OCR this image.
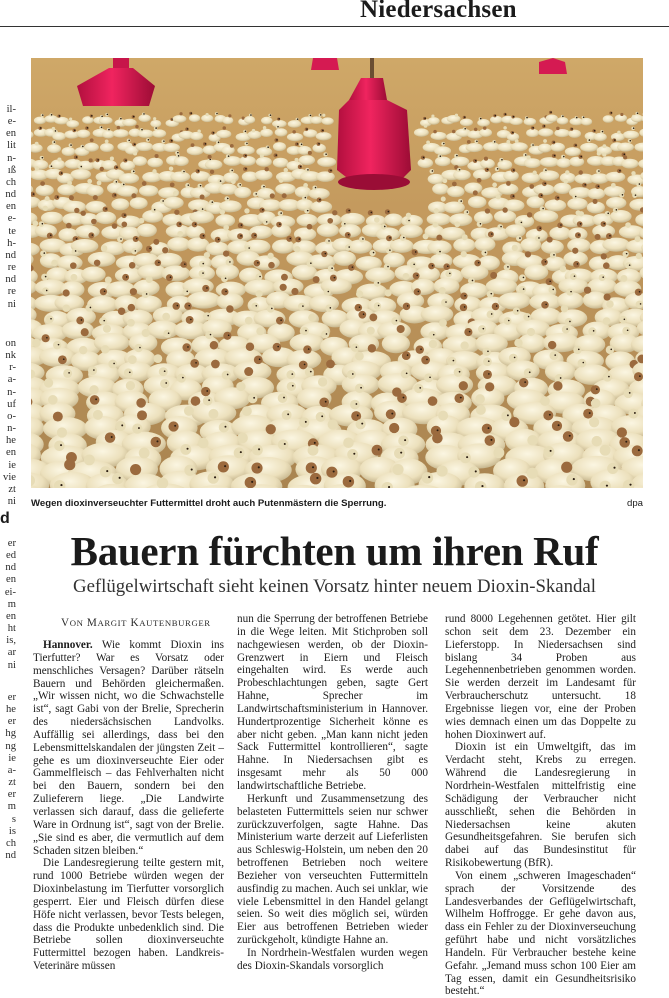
Niedersachsen
il-
e-
en
lit
n-
ıß
ch
nd
en
e-
te
h-
nd
re
nd
re
ni
on
nk
r-
a-
n-
uf
o-
n-
he
en
ie
vie
zt
ni
d
er
ed
nd
en
ei-
m
en
ht
is,
ar
ni
er
he
er
hg
ng
ie
a-
zt
er
m
s
is
ch
nd
Wegen dioxinverseuchter Futtermittel droht auch Putenmästern die Sperrung.	dpa
Bauern fürchten um ihren Ruf
Geflügelwirtschaft sieht keinen Vorsatz hinter neuem Dioxin-Skandal
VON MARGIT KAUTENBURGER

Hannover. Wie kommt Dioxin ins Tierfutter? War es Vorsatz oder menschliches Versagen? Darüber rätseln Bauern und Behörden gleichermaßen. „Wir wissen nicht, wo die Schwachstelle ist“, sagt Gabi von der Brelie, Sprecherin des niedersächsischen Landvolks. Auffällig sei allerdings, dass bei den Lebensmittelskandalen der jüngsten Zeit – gehe es um dioxinverseuchte Eier oder Gammelfleisch – das Fehlverhalten nicht bei den Bauern, sondern bei den Zulieferern liege. „Die Landwirte verlassen sich darauf, dass die gelieferte Ware in Ordnung ist“, sagt von der Brelie. „Sie sind es aber, die vermutlich auf dem Schaden sitzen bleiben.“

Die Landesregierung teilte gestern mit, rund 1000 Betriebe würden wegen der Dioxinbelastung im Tierfutter vorsorglich gesperrt. Eier und Fleisch dürfen diese Höfe nicht verlassen, bevor Tests belegen, dass die Produkte unbedenklich sind. Die Betriebe sollen dioxinverseuchte Futtermittel bezogen haben. Landkreis-Veterinäre müssen

nun die Sperrung der betroffenen Betriebe in die Wege leiten. Mit Stichproben soll nachgewiesen werden, ob der Dioxin-Grenzwert in Eiern und Fleisch eingehalten wird. Es werde auch Probeschlachtungen geben, sagte Gert Hahne, Sprecher im Landwirtschaftsministerium in Hannover. Hundertprozentige Sicherheit könne es aber nicht geben. „Man kann nicht jeden Sack Futtermittel kontrollieren“, sagte Hahne. In Niedersachsen gibt es insgesamt mehr als 50 000 landwirtschaftliche Betriebe.

Herkunft und Zusammensetzung des belasteten Futtermittels seien nur schwer zurückzuverfolgen, sagte Hahne. Das Ministerium warte derzeit auf Lieferlisten aus Schleswig-Holstein, um neben den 20 betroffenen Betrieben noch weitere Bezieher von verseuchten Futtermitteln ausfindig zu machen. Auch sei unklar, wie viele Lebensmittel in den Handel gelangt seien. So weit dies möglich sei, würden Eier aus betroffenen Betrieben wieder zurückgeholt, kündigte Hahne an.

In Nordrhein-Westfalen wurden wegen des Dioxin-Skandals vorsorglich

rund 8000 Legehennen getötet. Hier gilt schon seit dem 23. Dezember ein Lieferstopp. In Niedersachsen sind bislang 34 Proben aus Legehennenbetrieben genommen worden. Sie werden derzeit im Landesamt für Verbraucherschutz untersucht. 18 Ergebnisse liegen vor, eine der Proben wies demnach einen um das Doppelte zu hohen Dioxinwert auf.

Dioxin ist ein Umweltgift, das im Verdacht steht, Krebs zu erregen. Während die Landesregierung in Nordrhein-Westfalen mittelfristig eine Schädigung der Verbraucher nicht ausschließt, sehen die Behörden in Niedersachsen keine akuten Gesundheitsgefahren. Sie berufen sich dabei auf das Bundesinstitut für Risikobewertung (BfR).

Von einem „schweren Imageschaden“ sprach der Vorsitzende des Landesverbandes der Geflügelwirtschaft, Wilhelm Hoffrogge. Er gehe davon aus, dass ein Fehler zu der Dioxinverseuchung geführt habe und nicht vorsätzliches Handeln. Für Verbraucher bestehe keine Gefahr. „Jemand muss schon 100 Eier am Tag essen, damit ein Gesundheitsrisiko besteht.“
